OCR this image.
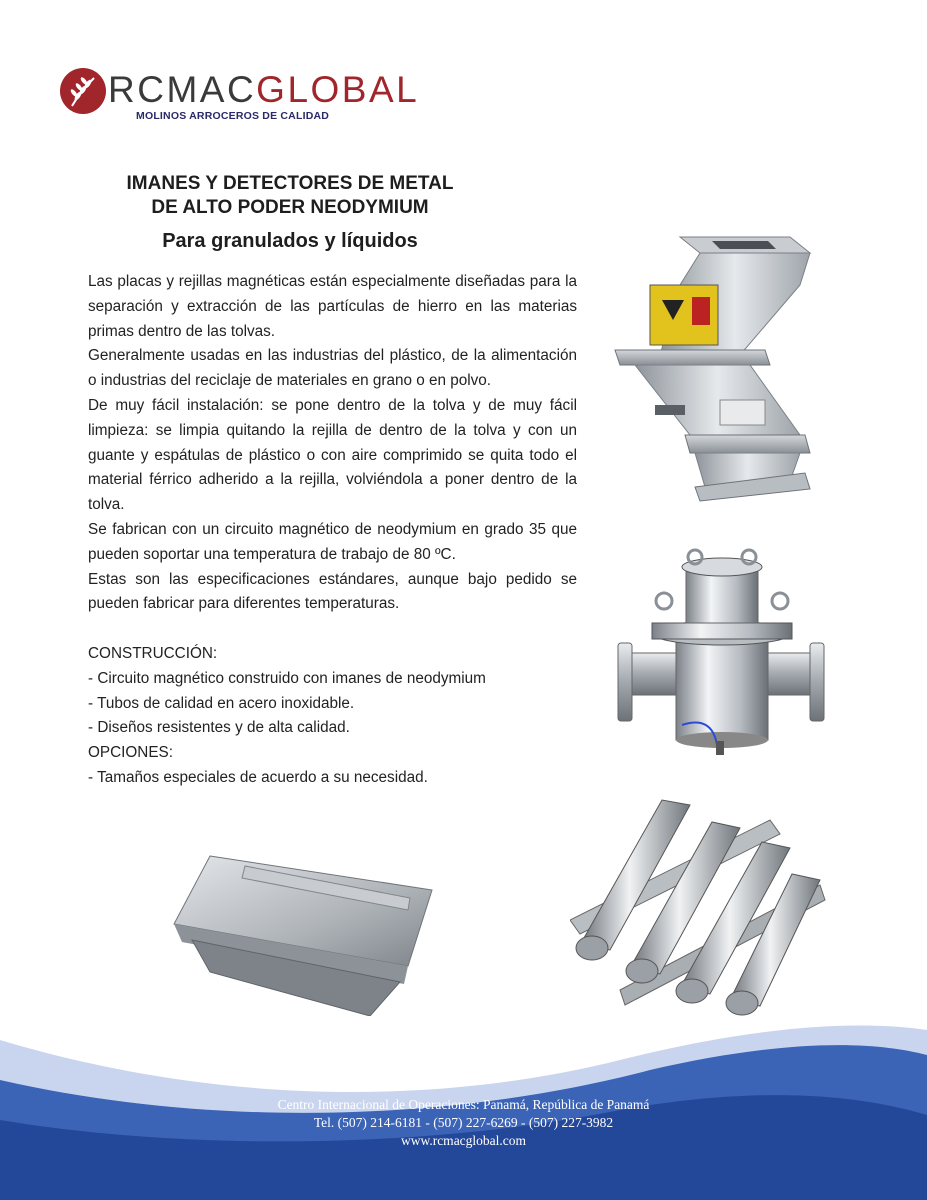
RCMACGLOBAL
MOLINOS ARROCEROS DE CALIDAD
IMANES Y DETECTORES DE METAL
DE ALTO PODER NEODYMIUM
Para granulados y líquidos

Las placas y rejillas magnéticas están especialmente diseñadas para la separación y extracción de las partículas de hierro en las materias primas dentro de las tolvas.

Generalmente usadas en las industrias del plástico, de la alimentación o industrias del reciclaje de materiales en grano o en polvo.

De muy fácil instalación: se pone dentro de la tolva y de muy fácil limpieza: se limpia quitando la rejilla de dentro de la tolva y con un guante y espátulas de plástico o con aire comprimido se quita todo el material férrico adherido a la rejilla, volviéndola a poner dentro de la tolva.

Se fabrican con un circuito magnético de neodymium en grado 35 que pueden soportar una temperatura de trabajo de 80 ºC.

Estas son las especificaciones estándares, aunque bajo pedido se pueden fabricar para diferentes temperaturas.

CONSTRUCCIÓN:

- Circuito magnético construido con imanes de neodymium

- Tubos de calidad en acero inoxidable.

- Diseños resistentes y de alta calidad.

OPCIONES:

- Tamaños especiales de acuerdo a su necesidad.

Centro Internacional de Operaciones: Panamá, República de Panamá
Tel. (507) 214-6181 - (507) 227-6269 - (507) 227-3982
www.rcmacglobal.com
